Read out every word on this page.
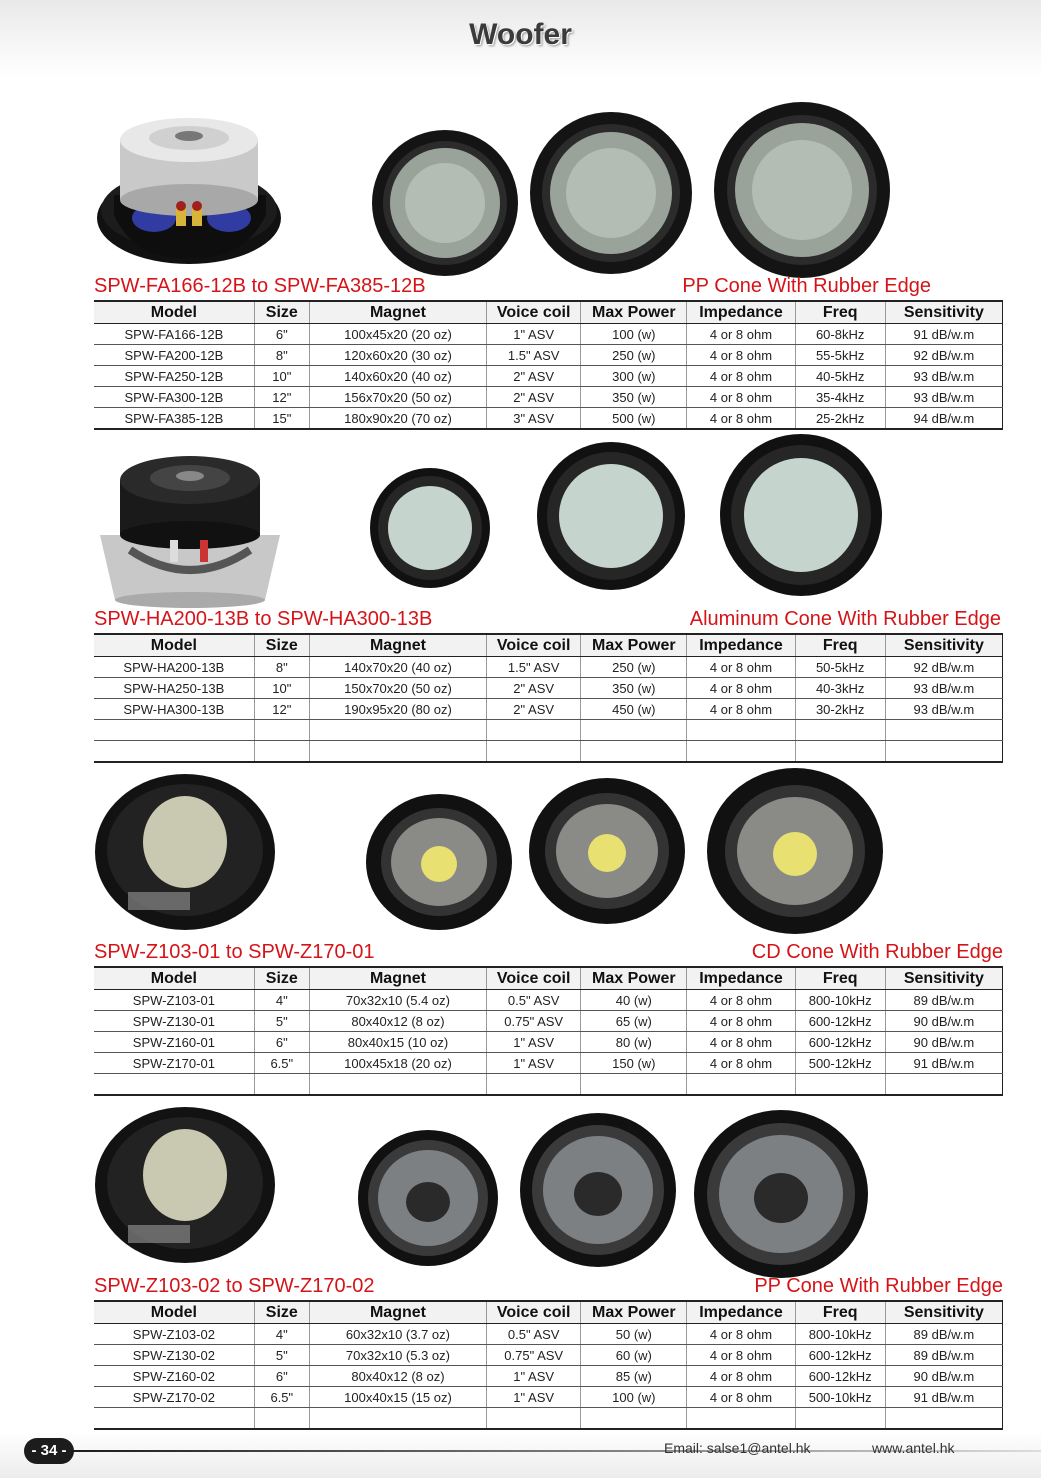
Woofer
SPW-FA166-12B to SPW-FA385-12B	PP Cone With Rubber Edge
Model	Size	Magnet	Voice coil	Max Power	Impedance	Freq	Sensitivity
SPW-FA166-12B	6"	100x45x20 (20 oz)	1" ASV	100 (w)	4 or 8 ohm	60-8kHz	91 dB/w.m
SPW-FA200-12B	8"	120x60x20 (30 oz)	1.5" ASV	250 (w)	4 or 8 ohm	55-5kHz	92 dB/w.m
SPW-FA250-12B	10"	140x60x20 (40 oz)	2" ASV	300 (w)	4 or 8 ohm	40-5kHz	93 dB/w.m
SPW-FA300-12B	12"	156x70x20 (50 oz)	2" ASV	350 (w)	4 or 8 ohm	35-4kHz	93 dB/w.m
SPW-FA385-12B	15"	180x90x20 (70 oz)	3" ASV	500 (w)	4 or 8 ohm	25-2kHz	94 dB/w.m
SPW-HA200-13B to SPW-HA300-13B	Aluminum Cone With Rubber Edge
Model	Size	Magnet	Voice coil	Max Power	Impedance	Freq	Sensitivity
SPW-HA200-13B	8"	140x70x20 (40 oz)	1.5" ASV	250 (w)	4 or 8 ohm	50-5kHz	92 dB/w.m
SPW-HA250-13B	10"	150x70x20 (50 oz)	2" ASV	350 (w)	4 or 8 ohm	40-3kHz	93 dB/w.m
SPW-HA300-13B	12"	190x95x20 (80 oz)	2" ASV	450 (w)	4 or 8 ohm	30-2kHz	93 dB/w.m

SPW-Z103-01 to SPW-Z170-01	CD Cone With Rubber Edge
Model	Size	Magnet	Voice coil	Max Power	Impedance	Freq	Sensitivity
SPW-Z103-01	4"	70x32x10 (5.4 oz)	0.5" ASV	40 (w)	4 or 8 ohm	800-10kHz	89 dB/w.m
SPW-Z130-01	5"	80x40x12 (8 oz)	0.75" ASV	65 (w)	4 or 8 ohm	600-12kHz	90 dB/w.m
SPW-Z160-01	6"	80x40x15 (10 oz)	1" ASV	80 (w)	4 or 8 ohm	600-12kHz	90 dB/w.m
SPW-Z170-01	6.5"	100x45x18 (20 oz)	1" ASV	150 (w)	4 or 8 ohm	500-12kHz	91 dB/w.m

SPW-Z103-02 to SPW-Z170-02	PP Cone With Rubber Edge
Model	Size	Magnet	Voice coil	Max Power	Impedance	Freq	Sensitivity
SPW-Z103-02	4"	60x32x10 (3.7 oz)	0.5" ASV	50 (w)	4 or 8 ohm	800-10kHz	89 dB/w.m
SPW-Z130-02	5"	70x32x10 (5.3 oz)	0.75" ASV	60 (w)	4 or 8 ohm	600-12kHz	89 dB/w.m
SPW-Z160-02	6"	80x40x12 (8 oz)	1" ASV	85 (w)	4 or 8 ohm	600-12kHz	90 dB/w.m
SPW-Z170-02	6.5"	100x40x15 (15 oz)	1" ASV	100 (w)	4 or 8 ohm	500-10kHz	91 dB/w.m

- 34 -	Email: salse1@antel.hk	www.antel.hk
